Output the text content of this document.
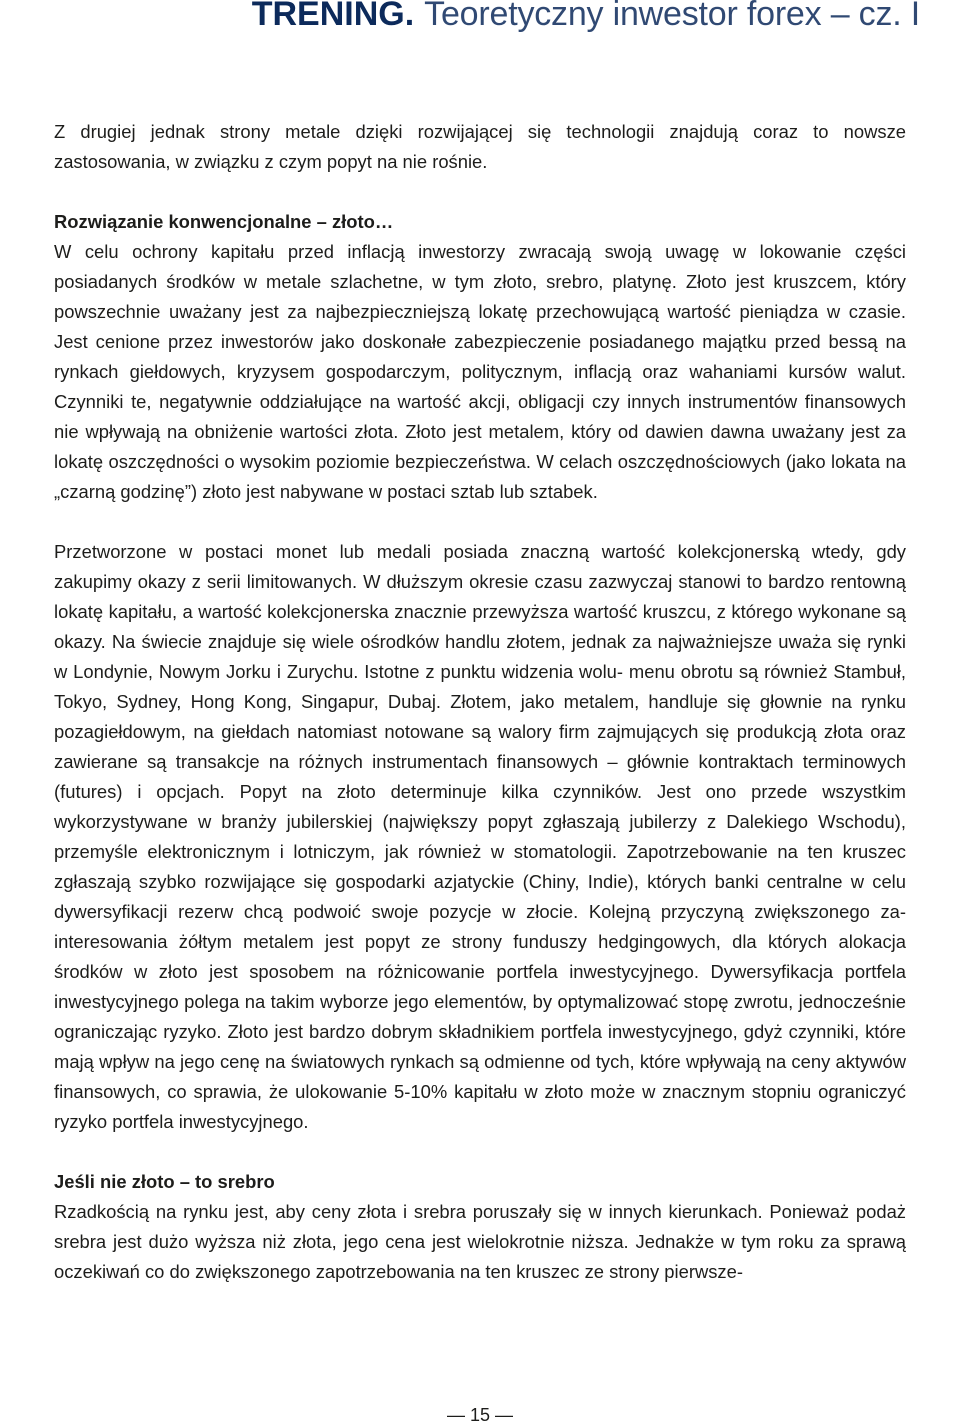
TRENING. Teoretyczny inwestor forex – cz. I

Z drugiej jednak strony metale dzięki rozwijającej się technologii znajdują coraz to nowsze zastosowania, w związku z czym popyt na nie rośnie.

Rozwiązanie konwencjonalne – złoto…

W celu ochrony kapitału przed inflacją inwestorzy zwracają swoją uwagę w lokowanie części posiadanych środków w metale szlachetne, w tym złoto, srebro, platynę. Złoto jest kruszcem, który powszechnie uważany jest za najbezpieczniejszą lokatę przechowującą wartość pieniądza w czasie. Jest cenione przez inwestorów jako doskonałe zabezpieczenie posiadanego majątku przed bessą na rynkach giełdowych, kryzysem gospodarczym, politycznym, inflacją oraz wahaniami kursów walut. Czynniki te, negatywnie oddziałujące na wartość akcji, obligacji czy innych instrumentów finansowych nie wpływają na obniżenie wartości złota. Złoto jest metalem, który od dawien dawna uważany jest za lokatę oszczędności o wysokim poziomie bezpieczeństwa. W celach oszczędnościowych (jako lokata na „czarną godzinę”) złoto jest nabywane w postaci sztab lub sztabek.

Przetworzone w postaci monet lub medali posiada znaczną wartość kolekcjonerską wtedy, gdy zakupimy okazy z serii limitowanych. W dłuższym okresie czasu zazwyczaj stanowi to bardzo rentowną lokatę kapitału, a wartość kolekcjonerska znacznie przewyższa wartość kruszcu, z którego wykonane są okazy. Na świecie znajduje się wiele ośrodków handlu złotem, jednak za najważniejsze uważa się rynki w Londynie, Nowym Jorku i Zurychu. Istotne z punktu widzenia wolu- menu obrotu są również Stambuł, Tokyo, Sydney, Hong Kong, Singapur, Dubaj. Złotem, jako metalem, handluje się głownie na rynku pozagiełdowym, na giełdach natomiast notowane są walory firm zajmujących się produkcją złota oraz zawierane są transakcje na różnych instrumentach finansowych – głównie kontraktach terminowych (futures) i opcjach. Popyt na złoto determinuje kilka czynników. Jest ono przede wszystkim wykorzystywane w branży jubilerskiej (największy popyt zgłaszają jubilerzy z Dalekiego Wschodu), przemyśle elektronicznym i lotniczym, jak również w stomatologii. Zapotrzebowanie na ten kruszec zgłaszają szybko rozwijające się gospodarki azjatyckie (Chiny, Indie), których banki centralne w celu dywersyfikacji rezerw chcą podwoić swoje pozycje w złocie. Kolejną przyczyną zwiększonego za- interesowania żółtym metalem jest popyt ze strony funduszy hedgingowych, dla których alokacja środków w złoto jest sposobem na różnicowanie portfela inwestycyjnego. Dywersyfikacja portfela inwestycyjnego polega na takim wyborze jego elementów, by optymalizować stopę zwrotu, jednocześnie ograniczając ryzyko. Złoto jest bardzo dobrym składnikiem portfela inwestycyjnego, gdyż czynniki, które mają wpływ na jego cenę na światowych rynkach są odmienne od tych, które wpływają na ceny aktywów finansowych, co sprawia, że ulokowanie 5-10% kapitału w złoto może w znacznym stopniu ograniczyć ryzyko portfela inwestycyjnego.

Jeśli nie złoto – to srebro

Rzadkością na rynku jest, aby ceny złota i srebra poruszały się w innych kierunkach. Ponieważ podaż srebra jest dużo wyższa niż złota, jego cena jest wielokrotnie niższa. Jednakże w tym roku za sprawą oczekiwań co do zwiększonego zapotrzebowania na ten kruszec ze strony pierwsze-

— 15 —
